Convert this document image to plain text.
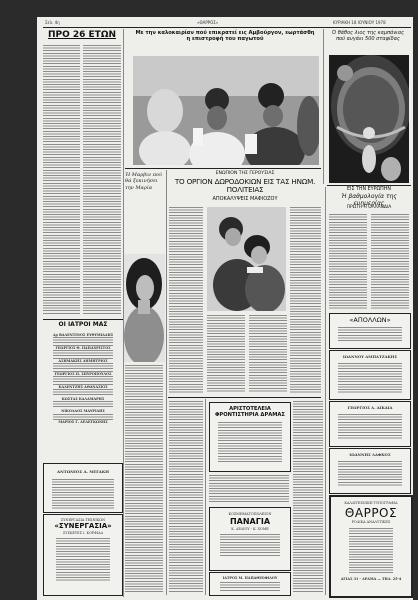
Σελ. 4η	«ΘΑΡΡΟΣ»	ΚΥΡΙΑΚΗ 18 ΙΟΥΝΙΟΥ 1978
ΠΡΟ 26 ΕΤΩΝ
ΟΙ ΙΑΤΡΟΙ ΜΑΣ
Δρ ΒΑΛΕΝΤΙΝΟΣ ΕΥΘΥΜΙΑΔΗΣ
ΓΕΩΡΓΙΟΣ Θ. ΠΑΠΑΧΡΙΣΤΟΣ
ΑΣΗΜΑΚΗΣ ΔΗΜΗΤΡΙΟΣ
ΓΕΩΡΓΙΟΣ Π. ΣΠΥΡΟΠΟΥΛΟΣ
ΚΑΛΕΝΤΖΗΣ ΑΘΑΝΑΣΙΟΣ
ΚΩΣΤΑΣ ΚΑΛΑΜΑΡΗΣ
ΝΙΚΟΛΑΟΣ ΜΑΥΡΙΔΗΣ
ΜΑΡΙΟΣ Γ. ΔΕΔΕΓΚΩΝΗΣ
ΑΝΤΩΝΙΟΣ Α. ΜΙΤΑΚΗ
ΣΥΝΕΡΓΑΣΙΑ ΤΕΧΝΙΚΩΝ
«ΣΥΝΕΡΓΑΣΙΑ»
ΣΥΣΚΕΥΕΣ Ι. ΚΟΡΦΙΑΔ
Με την καλοκαιρίαν πού επικρατεί εις Αμβούργον, εωρτάσθη η επιστροφή του παγωτού
Ό θάθος λιος της καμπάνιας πού αυγάει 500 σταφίδας
Ή Μαρβιν πού θά ξεκινήσει την Μαρία
ΕΝΩΠΙΟΝ ΤΗΣ ΓΕΡΟΥΣΙΑΣ
ΤΟ ΟΡΓΙΟΝ ΔΩΡΟΔΟΚΙΩΝ ΕΙΣ ΤΑΣ ΗΝΩΜ. ΠΟΛΙΤΕΙΑΣ
ΑΠΟΚΑΛΥΨΕΙΣ ΜΑΦΙΟΖΟΥ
ΑΡΙΣΤΟΤΕΛΕΙΑ ΦΡΟΝΤΙΣΤΗΡΙΑ ΔΡΑΜΑΣ
ΚΟΣΜΗΜΑΤΟΠΩΛΕΙΟΝ
ΠΑΝΑΓΙΑ
Κ. ΔΕΛΙΟΥ - Κ. ΧΟΜΕ
ΙΑΤΡΟΣ Μ. ΠΑΠΑΘΕΟΦΙΛΟΥ
ΕΙΣ ΤΗΝ ΕΥΡΩΠΗΝ
Ή βαθμολογία της ευημερίας
ΠΡΩΤΗ Η ΟΛΛΑΝΔΙΑ
«ΑΠΟΛΛΩΝ»
ΙΩΑΝΝΟΥ ΑΜΠΑΤΖΑΚΗΣ
ΓΕΩΡΓΙΟΣ Δ. ΑΙΚΑΙΑ
ΙΩΑΝΝΗΣ ΛΑΦΚΟΣ
ΚΑΛΛΙΤΕΧΝΙΚΗ ΤΥΠΟΓΡΑΦΙΑ
ΘΑΡΡΟΣ
ΡΟΔΙΚΑ ΑΝΑΛΥΤΙΚΕΣ
ΑΓΙΑΣ 31 - ΔΡΑΜΑ — ΤΗΛ. 25-4
